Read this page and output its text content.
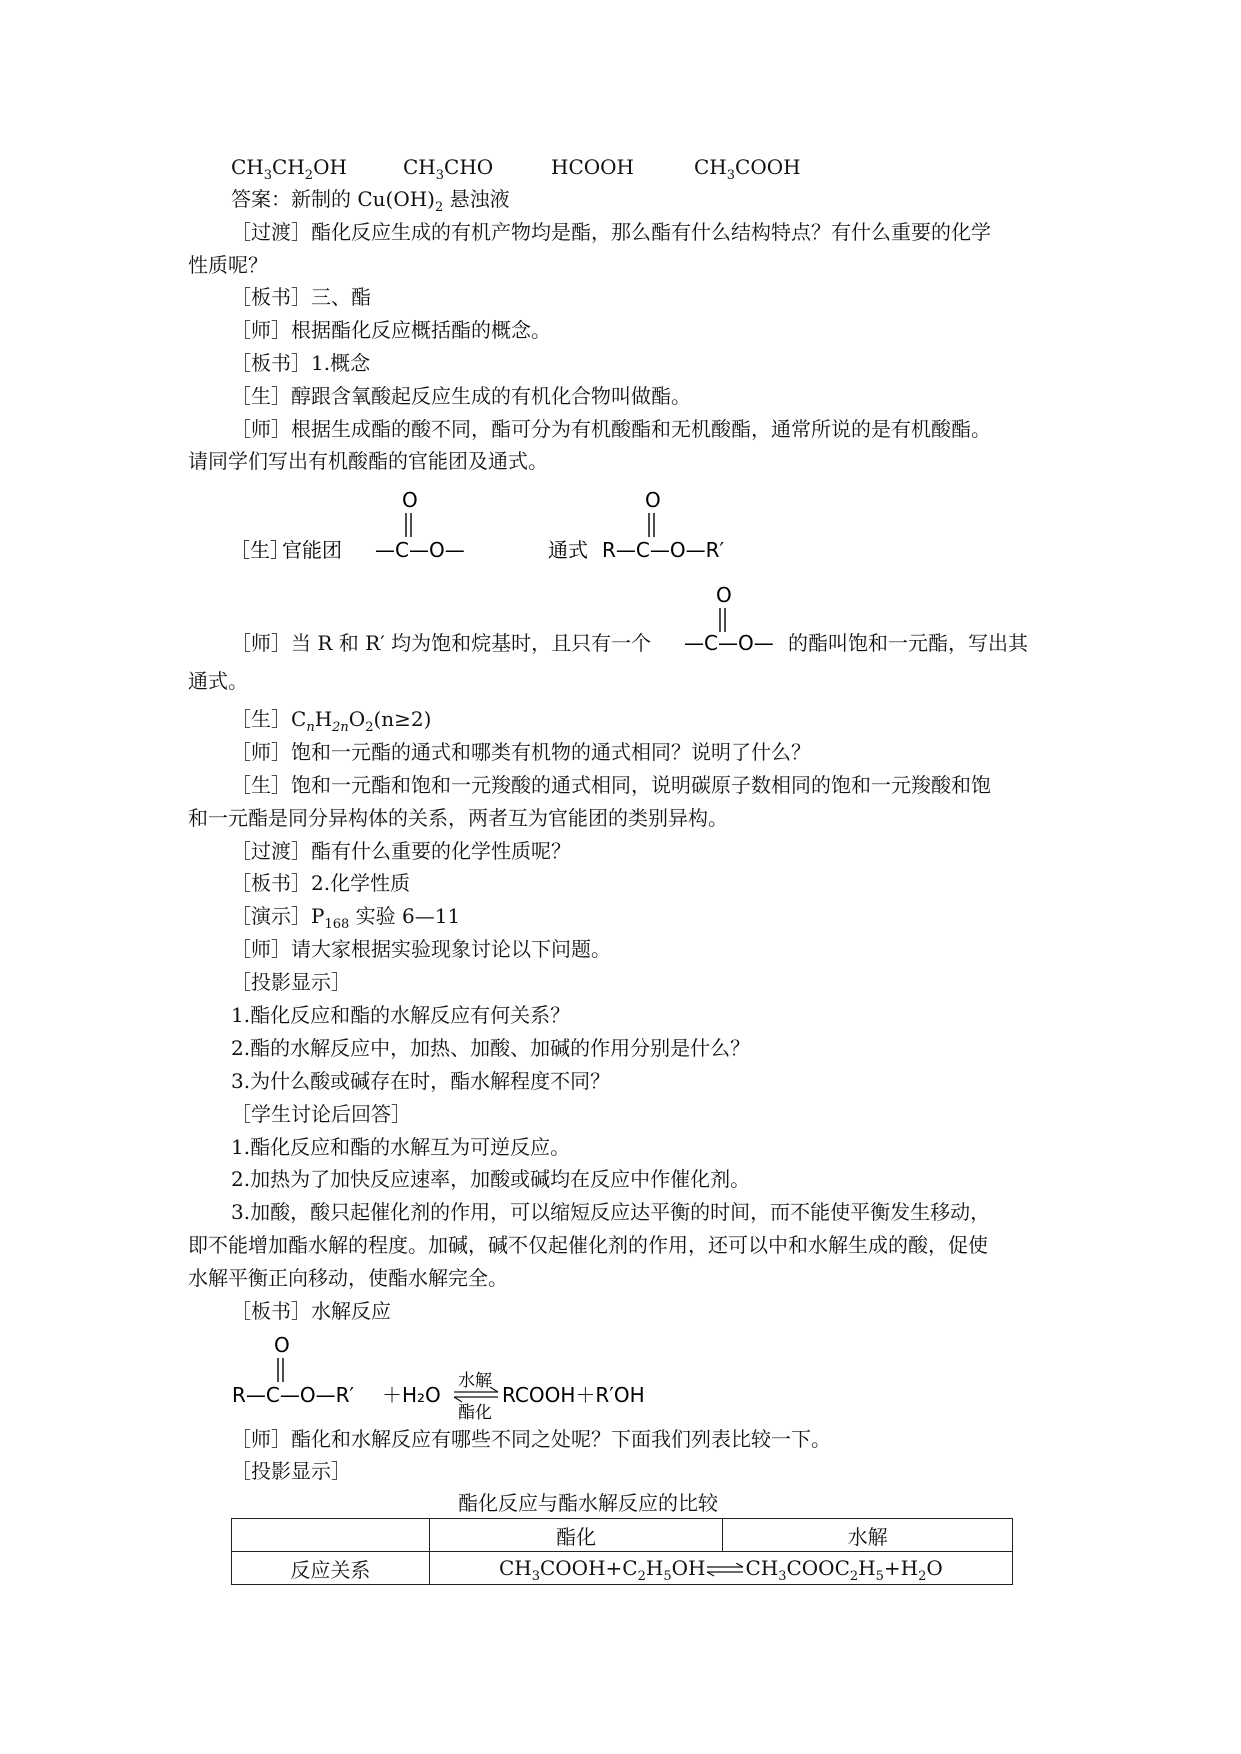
$CH_3CH_2OH$	$CH_3CHO$	HCOOH	$CH_3COOH$
答案：新制的 $Cu(OH)_2$ 悬浊液
［过渡］酯化反应生成的有机产物均是酯，那么酯有什么结构特点？有什么重要的化学
性质呢？
［板书］三、酯
［师］根据酯化反应概括酯的概念。
［板书］1.概念
［生］醇跟含氧酸起反应生成的有机化合物叫做酯。
［师］根据生成酯的酸不同，酯可分为有机酸酯和无机酸酯，通常所说的是有机酸酯。
请同学们写出有机酸酯的官能团及通式。
［生］
官能团
O
—C—O—	通式
O
R—C—O—R′
O
—C—O—
［师］当 R 和 R′ 均为饱和烷基时，且只有一个	的酯叫饱和一元酯，写出其
通式。
［生$]C_nH_{2n}O_2(n\ge 2)$
［师］饱和一元酯的通式和哪类有机物的通式相同？说明了什么？
［生］饱和一元酯和饱和一元羧酸的通式相同，说明碳原子数相同的饱和一元羧酸和饱
和一元酯是同分异构体的关系，两者互为官能团的类别异构。
［过渡］酯有什么重要的化学性质呢？
［板书］2.化学性质
［演示$]P_{168}$ 实验 6—11
［师］请大家根据实验现象讨论以下问题。
［投影显示］
1.酯化反应和酯的水解反应有何关系？
2.酯的水解反应中，加热、加酸、加碱的作用分别是什么？
3.为什么酸或碱存在时，酯水解程度不同？
［学生讨论后回答］
1.酯化反应和酯的水解互为可逆反应。
2.加热为了加快反应速率，加酸或碱均在反应中作催化剂。
3.加酸，酸只起催化剂的作用，可以缩短反应达平衡的时间，而不能使平衡发生移动，
即不能增加酯水解的程度。加碱，碱不仅起催化剂的作用，还可以中和水解生成的酸，促使
水解平衡正向移动，使酯水解完全。
［板书］水解反应
O
R—C—O—R′ ＋H₂O
水解
酯化
RCOOH＋R′OH
［师］酯化和水解反应有哪些不同之处呢？下面我们列表比较一下。
［投影显示］
酯化反应与酯水解反应的比较
	酯化	水解
反应关系	$CH_3COOH+C_2H_5OH\rightleftharpoons CH_3COOC_2H_5+H_2O$	
